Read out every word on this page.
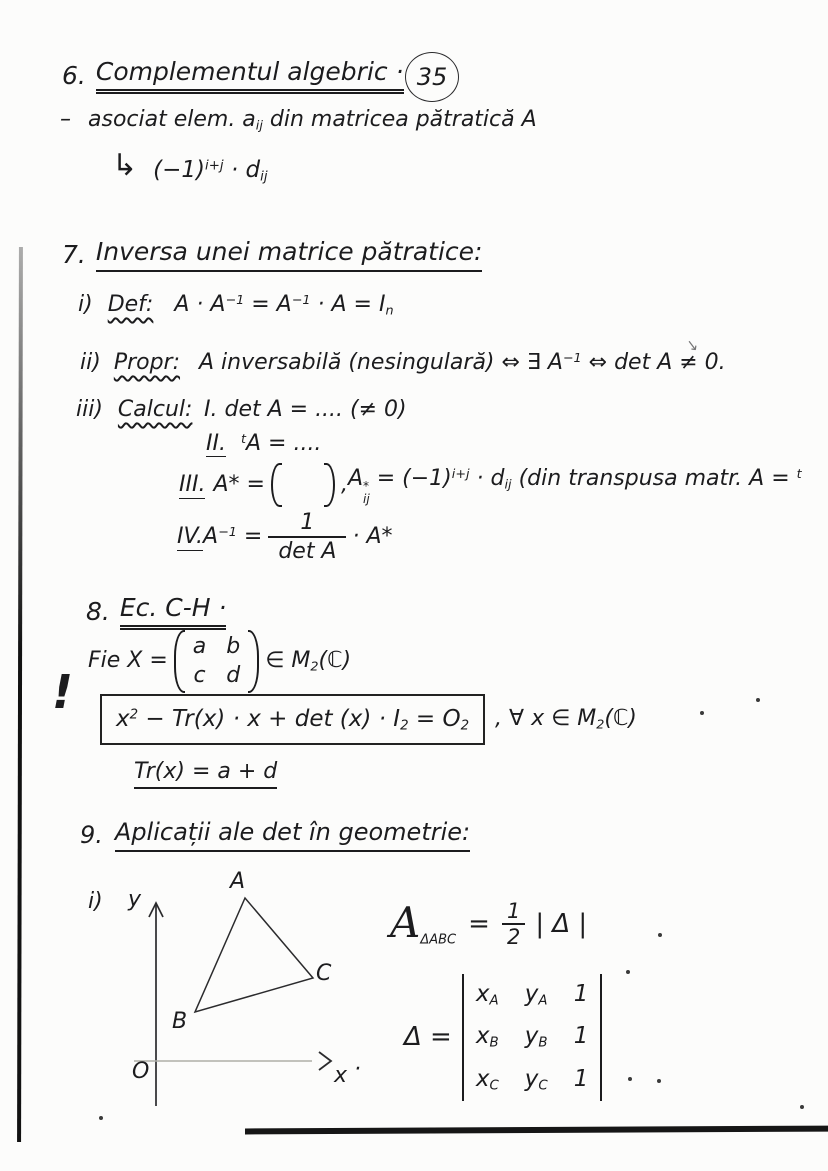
35
6. Complementul algebric ·
– asociat elem. $a_{ij}$ din matricea pătratică A
↳ $(-1)^{i+j} \cdot d_{ij}$
7. Inversa unei matrice pătratice:
i) Def: $A \cdot A^{-1} = A^{-1} \cdot A = I_n$
ii) Propr: A inversabilă (nesingulară) ⇔ ∃ $A^{-1}$ ⇔ det A ≠ 0.
↘
iii) Calcul: I. det A = .... (≠ 0)
II. $^t$A = ....
III. A* =	, A *
ij
= $(-1)^{i+j} \cdot d_{ij}$ (din transpusa matr. A = $^t$
IV. $A^{-1} = \frac{1}{\text{det A}} \cdot A*$
8. Ec. C-H ·
Fie X =
a b
c d
∈ $M_2(ℂ)$
!	$x^2 - Tr(x) \cdot x + \det (x) \cdot I_2 = O_2$	, ∀ x ∈ $M_2(ℂ)$
Tr(x) = a + d
9. Aplicații ale det în geometrie:
i) y
A
B
C
O	x ·
$A_{\Delta ABC}$
= $\frac{1}{2}$ | Δ |
Δ =
$x_A$ $y_A$ 1
$x_B$ $y_B$ 1
$x_C$ $y_C$ 1
